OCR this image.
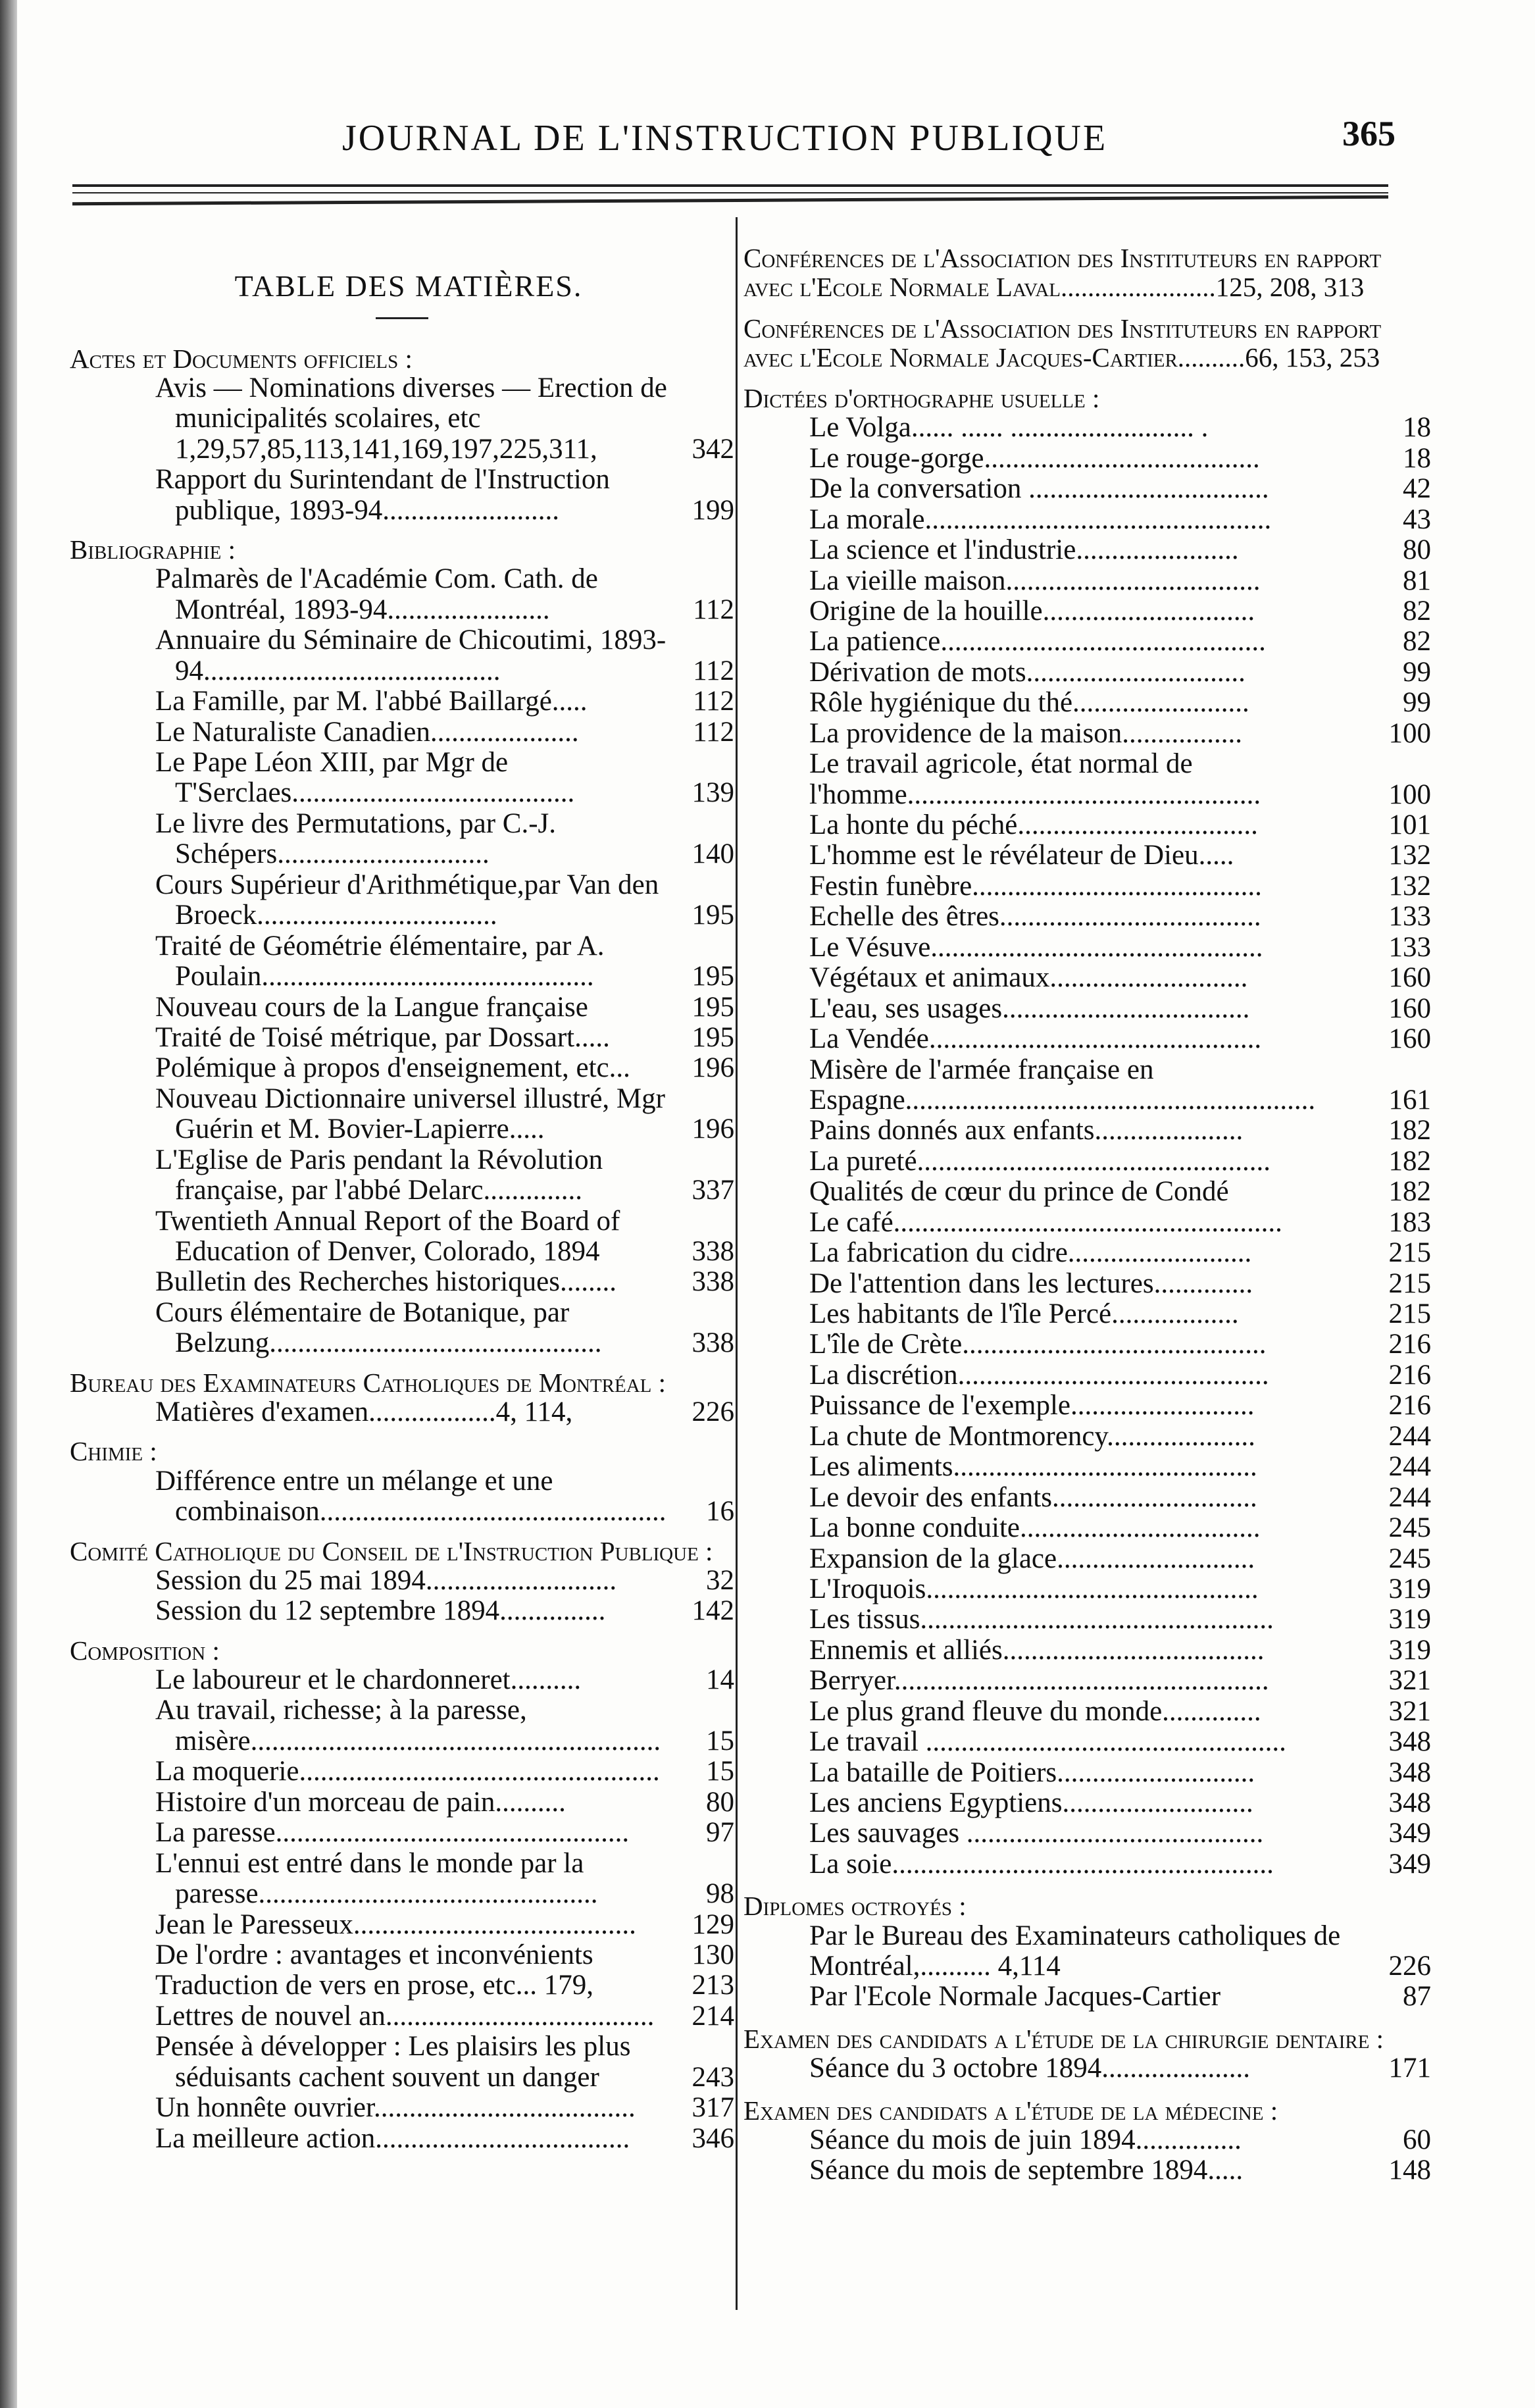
JOURNAL DE L'INSTRUCTION PUBLIQUE	365
TABLE DES MATIÈRES.
Actes et Documents officiels :
Avis — Nominations diverses — Erection de municipalités scolaires, etc 1,29,57,85,113,141,169,197,225,311,	342
Rapport du Surintendant de l'Instruction publique, 1893-94.........................	199
Bibliographie :
Palmarès de l'Académie Com. Cath. de Montréal, 1893-94.......................	112
Annuaire du Séminaire de Chicoutimi, 1893-94..........................................	112
La Famille, par M. l'abbé Baillargé.....	112
Le Naturaliste Canadien.....................	112
Le Pape Léon XIII, par Mgr de T'Serclaes........................................	139
Le livre des Permutations, par C.-J. Schépers..............................	140
Cours Supérieur d'Arithmétique,par Van den Broeck..................................	195
Traité de Géométrie élémentaire, par A. Poulain...............................................	195
Nouveau cours de la Langue française	195
Traité de Toisé métrique, par Dossart.....	195
Polémique à propos d'enseignement, etc... 196
Nouveau Dictionnaire universel illustré, Mgr Guérin et M. Bovier-Lapierre.....	196
L'Eglise de Paris pendant la Révolution française, par l'abbé Delarc..............	337
Twentieth Annual Report of the Board of Education of Denver, Colorado, 1894	338
Bulletin des Recherches historiques........	338
Cours élémentaire de Botanique, par Belzung...............................................	338
Bureau des Examinateurs Catholiques de Montréal :
Matières d'examen..................4, 114,	226
Chimie :
Différence entre un mélange et une combinaison................................................. 16
Comité Catholique du Conseil de l'Instruction Publique :
Session du 25 mai 1894...........................	32
Session du 12 septembre 1894...............	142
Composition :
Le laboureur et le chardonneret..........	14
Au travail, richesse; à la paresse, misère.......................................................... 15
La moquerie................................................... 15
Histoire d'un morceau de pain..........	80
La paresse..................................................	97
L'ennui est entré dans le monde par la paresse................................................	98
Jean le Paresseux........................................ 129
De l'ordre : avantages et inconvénients	130
Traduction de vers en prose, etc... 179,	213
Lettres de nouvel an...................................... 214
Pensée à développer : Les plaisirs les plus séduisants cachent souvent un danger	243
Un honnête ouvrier..................................... 317
La meilleure action.................................... 346
Conférences de l'Association des Instituteurs en rapport avec l'Ecole Normale Laval.......................125, 208, 313
Conférences de l'Association des Instituteurs en rapport avec l'Ecole Normale Jacques-Cartier..........66, 153, 253
Dictées d'orthographe usuelle :
Le Volga...... ...... .......................... .	18
Le rouge-gorge.......................................	18
De la conversation ..................................	42
La morale.................................................	43
La science et l'industrie.......................	80
La vieille maison....................................	81
Origine de la houille..............................	82
La patience..............................................	82
Dérivation de mots...............................	99
Rôle hygiénique du thé.........................	99
La providence de la maison.................	100
Le travail agricole, état normal de l'homme..................................................	100
La honte du péché..................................	101
L'homme est le révélateur de Dieu.....	132
Festin funèbre.........................................	132
Echelle des êtres.....................................	133
Le Vésuve...............................................	133
Végétaux et animaux............................	160
L'eau, ses usages...................................	160
La Vendée...............................................	160
Misère de l'armée française en Espagne..........................................................	161
Pains donnés aux enfants.....................	182
La pureté..................................................	182
Qualités de cœur du prince de Condé	182
Le café.......................................................	183
La fabrication du cidre..........................	215
De l'attention dans les lectures..............	215
Les habitants de l'île Percé..................	215
L'île de Crète...........................................	216
La discrétion............................................	216
Puissance de l'exemple..........................	216
La chute de Montmorency.....................	244
Les aliments...........................................	244
Le devoir des enfants.............................	244
La bonne conduite..................................	245
Expansion de la glace............................	245
L'Iroquois...............................................	319
Les tissus..................................................	319
Ennemis et alliés.....................................	319
Berryer.....................................................	321
Le plus grand fleuve du monde..............	321
Le travail ...................................................	348
La bataille de Poitiers............................	348
Les anciens Egyptiens...........................	348
Les sauvages ..........................................	349
La soie......................................................	349
Diplomes octroyés :
Par le Bureau des Examinateurs catholiques de Montréal,.......... 4,114	226
Par l'Ecole Normale Jacques-Cartier	87
Examen des candidats a l'étude de la chirurgie dentaire :
Séance du 3 octobre 1894.....................	171
Examen des candidats a l'étude de la médecine :
Séance du mois de juin 1894...............	60
Séance du mois de septembre 1894.....	148
